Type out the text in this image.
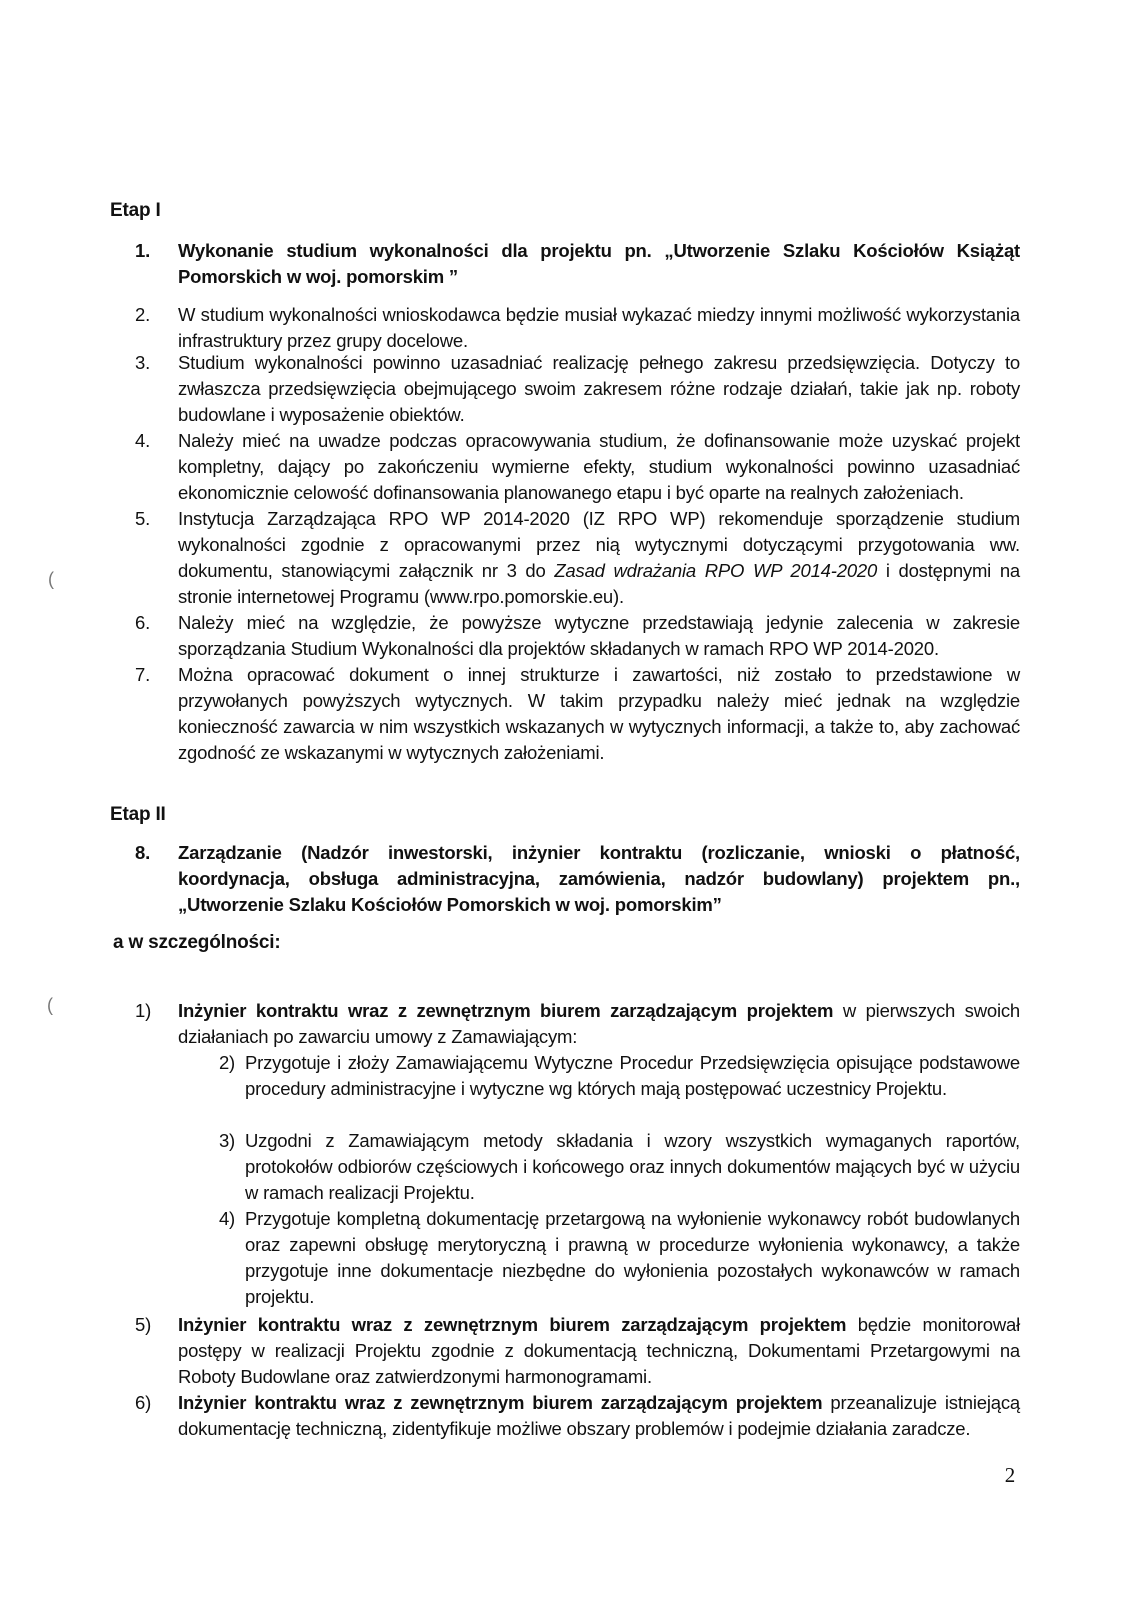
Etap I
1.	Wykonanie studium wykonalności dla projektu pn. „Utworzenie Szlaku Kościołów Książąt Pomorskich w woj. pomorskim ”
2.	W studium wykonalności wnioskodawca będzie musiał wykazać miedzy innymi możliwość wykorzystania infrastruktury przez grupy docelowe.
3.	Studium wykonalności powinno uzasadniać realizację pełnego zakresu przedsięwzięcia. Dotyczy to zwłaszcza przedsięwzięcia obejmującego swoim zakresem różne rodzaje działań, takie jak np. roboty budowlane i wyposażenie obiektów.
4.	Należy mieć na uwadze podczas opracowywania studium, że dofinansowanie może uzyskać projekt kompletny, dający po zakończeniu wymierne efekty, studium wykonalności powinno uzasadniać ekonomicznie celowość dofinansowania planowanego etapu i być oparte na realnych założeniach.
5.	Instytucja Zarządzająca RPO WP 2014-2020 (IZ RPO WP) rekomenduje sporządzenie studium wykonalności zgodnie z opracowanymi przez nią wytycznymi dotyczącymi przygotowania ww. dokumentu, stanowiącymi załącznik nr 3 do Zasad wdrażania RPO WP 2014-2020 i dostępnymi na stronie internetowej Programu (www.rpo.pomorskie.eu).
6.	Należy mieć na względzie, że powyższe wytyczne przedstawiają jedynie zalecenia w zakresie sporządzania Studium Wykonalności dla projektów składanych w ramach RPO WP 2014-2020.
7.	Można opracować dokument o innej strukturze i zawartości, niż zostało to przedstawione w przywołanych powyższych wytycznych. W takim przypadku należy mieć jednak na względzie konieczność zawarcia w nim wszystkich wskazanych w wytycznych informacji, a także to, aby zachować zgodność ze wskazanymi w wytycznych założeniami.
Etap II
8.	Zarządzanie (Nadzór inwestorski, inżynier kontraktu (rozliczanie, wnioski o płatność, koordynacja, obsługa administracyjna, zamówienia, nadzór budowlany) projektem pn., „Utworzenie Szlaku Kościołów Pomorskich w woj. pomorskim”
a w szczególności:
1)	Inżynier kontraktu wraz z zewnętrznym biurem zarządzającym projektem w pierwszych swoich działaniach po zawarciu umowy z Zamawiającym:
2) Przygotuje i złoży Zamawiającemu Wytyczne Procedur Przedsięwzięcia opisujące podstawowe procedury administracyjne i wytyczne wg których mają postępować uczestnicy Projektu.
3) Uzgodni z Zamawiającym metody składania i wzory wszystkich wymaganych raportów, protokołów odbiorów częściowych i końcowego oraz innych dokumentów mających być w użyciu w ramach realizacji Projektu.
4) Przygotuje kompletną dokumentację przetargową na wyłonienie wykonawcy robót budowlanych oraz zapewni obsługę merytoryczną i prawną w procedurze wyłonienia wykonawcy, a także przygotuje inne dokumentacje niezbędne do wyłonienia pozostałych wykonawców w ramach projektu.
5)	Inżynier kontraktu wraz z zewnętrznym biurem zarządzającym projektem będzie monitorował postępy w realizacji Projektu zgodnie z dokumentacją techniczną, Dokumentami Przetargowymi na Roboty Budowlane oraz zatwierdzonymi harmonogramami.
6)	Inżynier kontraktu wraz z zewnętrznym biurem zarządzającym projektem przeanalizuje istniejącą dokumentację techniczną, zidentyfikuje możliwe obszary problemów i podejmie działania zaradcze.
(
(
2
